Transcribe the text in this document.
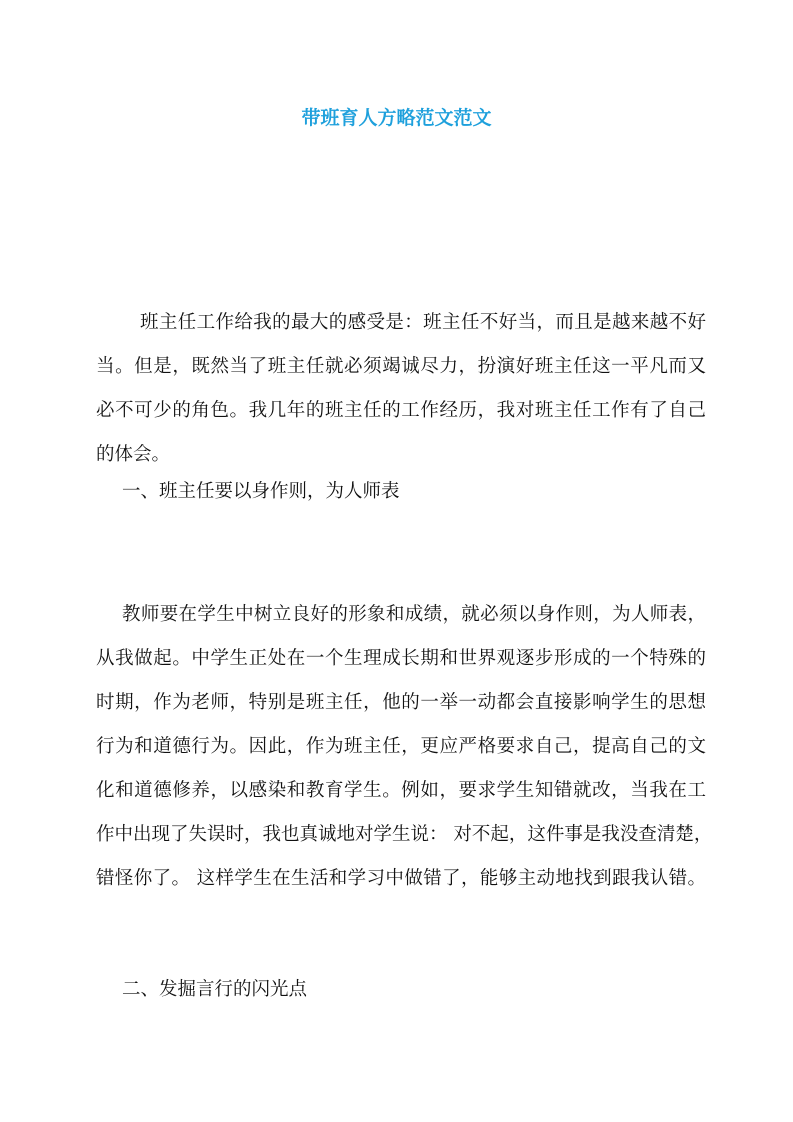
带班育人方略范文范文
班主任工作给我的最大的感受是：班主任不好当，而且是越来越不好
当。但是，既然当了班主任就必须竭诚尽力，扮演好班主任这一平凡而又
必不可少的角色。我几年的班主任的工作经历，我对班主任工作有了自己
的体会。
一、班主任要以身作则，为人师表
教师要在学生中树立良好的形象和成绩，就必须以身作则，为人师表，
从我做起。中学生正处在一个生理成长期和世界观逐步形成的一个特殊的
时期，作为老师，特别是班主任，他的一举一动都会直接影响学生的思想
行为和道德行为。因此，作为班主任，更应严格要求自己，提高自己的文
化和道德修养，以感染和教育学生。例如，要求学生知错就改，当我在工
作中出现了失误时，我也真诚地对学生说： 对不起，这件事是我没查清楚，
错怪你了。 这样学生在生活和学习中做错了，能够主动地找到跟我认错。
二、发掘言行的闪光点
